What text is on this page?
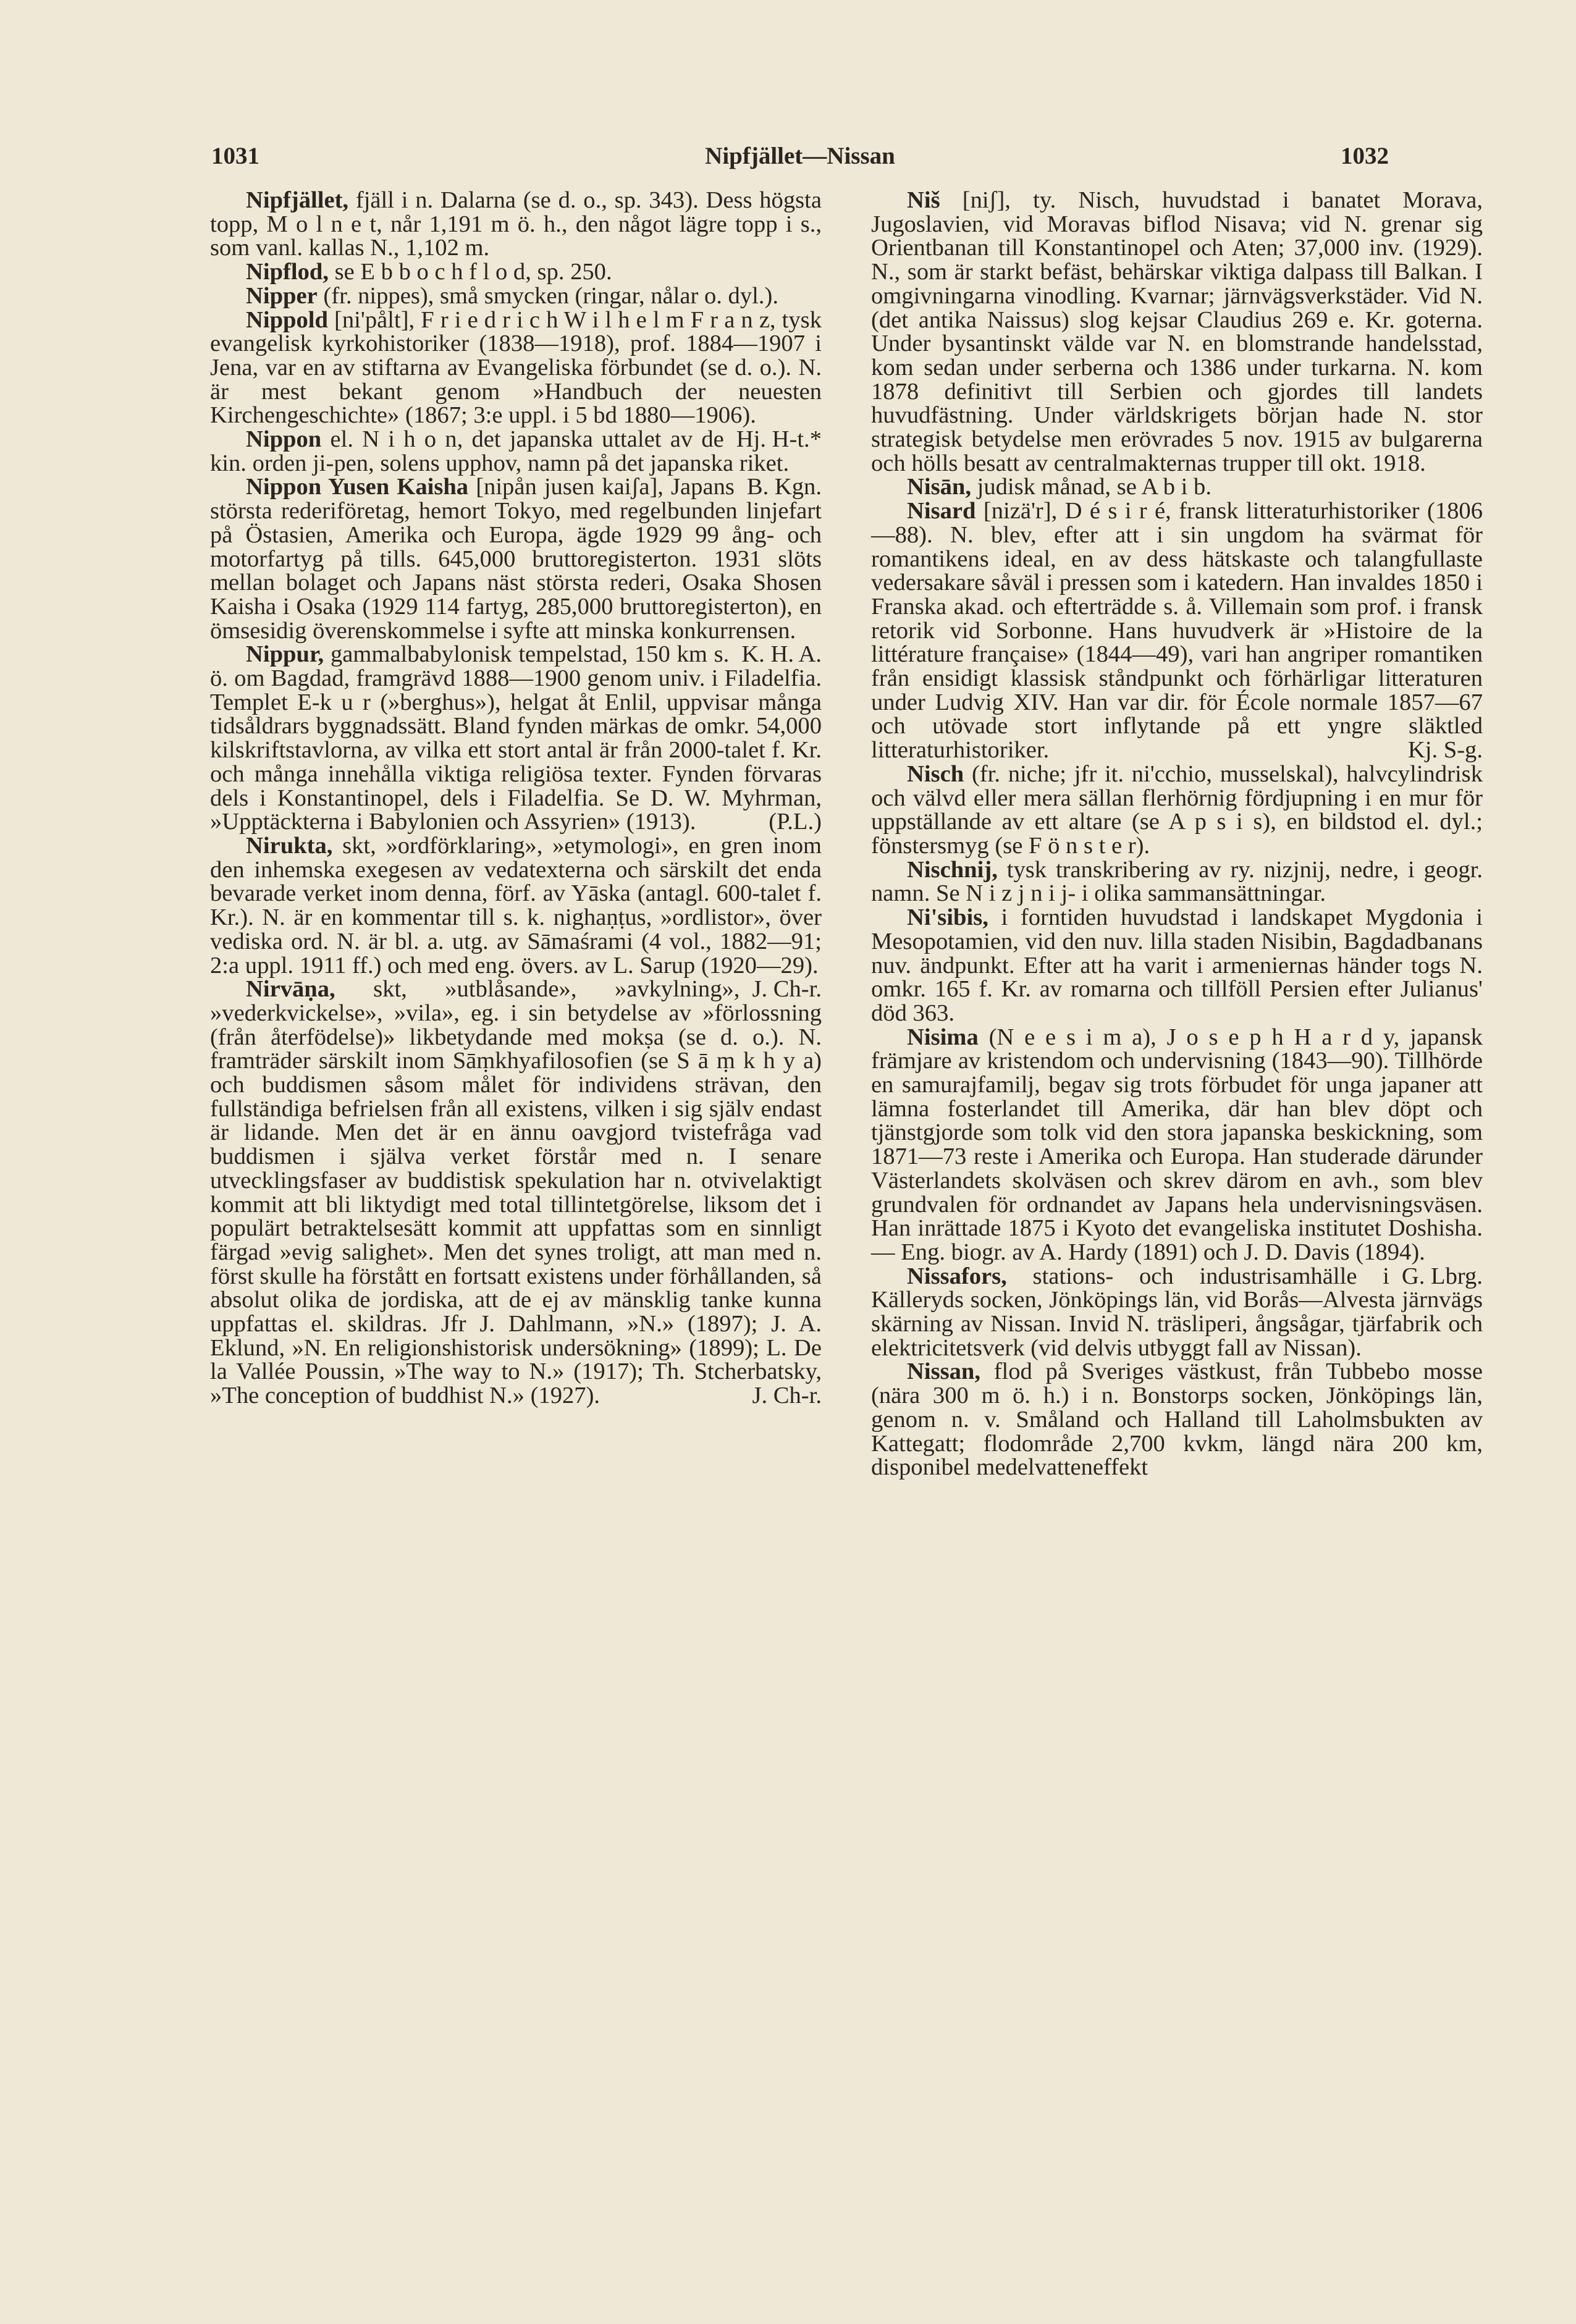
1031	Nipfjället—Nissan	1032

Nipfjället, fjäll i n. Dalarna (se d. o., sp. 343). Dess högsta topp, M o l n e t, når 1,191 m ö. h., den något lägre topp i s., som vanl. kallas N., 1,102 m.

Nipflod, se E b b o c h f l o d, sp. 250.

Nipper (fr. nippes), små smycken (ringar, nålar o. dyl.).

Nippold [ni'pålt], F r i e d r i c h W i l h e l m F r a n z, tysk evangelisk kyrkohistoriker (1838—1918), prof. 1884—1907 i Jena, var en av stiftarna av Evangeliska förbundet (se d. o.). N. är mest bekant genom »Handbuch der neuesten Kirchengeschichte» (1867; 3:e uppl. i 5 bd 1880—1906).
Hj. H-t.*

Nippon el. N i h o n, det japanska uttalet av de kin. orden ji-pen, solens upphov, namn på det japanska riket.
B. Kgn.

Nippon Yusen Kaisha [nipån jusen kaiʃa], Japans största rederiföretag, hemort Tokyo, med regelbunden linjefart på Östasien, Amerika och Europa, ägde 1929 99 ång- och motorfartyg på tills. 645,000 bruttoregisterton. 1931 slöts mellan bolaget och Japans näst största rederi, Osaka Shosen Kaisha i Osaka (1929 114 fartyg, 285,000 bruttoregisterton), en ömsesidig överenskommelse i syfte att minska konkurrensen.
K. H. A.

Nippur, gammalbabylonisk tempelstad, 150 km s. ö. om Bagdad, framgrävd 1888—1900 genom univ. i Filadelfia. Templet E-k u r (»berghus»), helgat åt Enlil, uppvisar många tidsåldrars byggnadssätt. Bland fynden märkas de omkr. 54,000 kilskriftstavlorna, av vilka ett stort antal är från 2000-talet f. Kr. och många innehålla viktiga religiösa texter. Fynden förvaras dels i Konstantinopel, dels i Filadelfia. Se D. W. Myhrman, »Upptäckterna i Babylonien och Assyrien» (1913).	(P.L.)

Nirukta, skt, »ordförklaring», »etymologi», en gren inom den inhemska exegesen av vedatexterna och särskilt det enda bevarade verket inom denna, förf. av Yāska (antagl. 600-talet f. Kr.). N. är en kommentar till s. k. nighaṇṭus, »ordlistor», över vediska ord. N. är bl. a. utg. av Sāmaśrami (4 vol., 1882—91; 2:a uppl. 1911 ff.) och med eng. övers. av L. Sarup (1920—29).
J. Ch-r.

Nirvāṇa, skt, »utblåsande», »avkylning», »vederkvickelse», »vila», eg. i sin betydelse av »förlossning (från återfödelse)» likbetydande med mokṣa (se d. o.). N. framträder särskilt inom Sāṃkhyafilosofien (se S ā ṃ k h y a) och buddismen såsom målet för individens strävan, den fullständiga befrielsen från all existens, vilken i sig själv endast är lidande. Men det är en ännu oavgjord tvistefråga vad buddismen i själva verket förstår med n. I senare utvecklingsfaser av buddistisk spekulation har n. otvivelaktigt kommit att bli liktydigt med total tillintetgörelse, liksom det i populärt betraktelsesätt kommit att uppfattas som en sinnligt färgad »evig salighet». Men det synes troligt, att man med n. först skulle ha förstått en fortsatt existens under förhållanden, så absolut olika de jordiska, att de ej av mänsklig tanke kunna uppfattas el. skildras. Jfr J. Dahlmann, »N.» (1897); J. A. Eklund, »N. En religionshistorisk undersökning» (1899); L. De la Vallée Poussin, »The way to N.» (1917); Th. Stcherbatsky, »The conception of buddhist N.» (1927).	J. Ch-r.

Niš [niʃ], ty. Nisch, huvudstad i banatet Morava, Jugoslavien, vid Moravas biflod Nisava; vid N. grenar sig Orientbanan till Konstantinopel och Aten; 37,000 inv. (1929). N., som är starkt befäst, behärskar viktiga dalpass till Balkan. I omgivningarna vinodling. Kvarnar; järnvägsverkstäder. Vid N. (det antika Naissus) slog kejsar Claudius 269 e. Kr. goterna. Under bysantinskt välde var N. en blomstrande handelsstad, kom sedan under serberna och 1386 under turkarna. N. kom 1878 definitivt till Serbien och gjordes till landets huvudfästning. Under världskrigets början hade N. stor strategisk betydelse men erövrades 5 nov. 1915 av bulgarerna och hölls besatt av centralmakternas trupper till okt. 1918.

Nisān, judisk månad, se A b i b.

Nisard [nizä'r], D é s i r é, fransk litteraturhistoriker (1806—88). N. blev, efter att i sin ungdom ha svärmat för romantikens ideal, en av dess hätskaste och talangfullaste vedersakare såväl i pressen som i katedern. Han invaldes 1850 i Franska akad. och efterträdde s. å. Villemain som prof. i fransk retorik vid Sorbonne. Hans huvudverk är »Histoire de la littérature française» (1844—49), vari han angriper romantiken från ensidigt klassisk ståndpunkt och förhärligar litteraturen under Ludvig XIV. Han var dir. för École normale 1857—67 och utövade stort inflytande på ett yngre släktled litteraturhistoriker.	Kj. S-g.

Nisch (fr. niche; jfr it. ni'cchio, musselskal), halvcylindrisk och välvd eller mera sällan flerhörnig fördjupning i en mur för uppställande av ett altare (se A p s i s), en bildstod el. dyl.; fönstersmyg (se F ö n s t e r).

Nischnij, tysk transkribering av ry. nizjnij, nedre, i geogr. namn. Se N i z j n i j- i olika sammansättningar.

Ni'sibis, i forntiden huvudstad i landskapet Mygdonia i Mesopotamien, vid den nuv. lilla staden Nisibin, Bagdadbanans nuv. ändpunkt. Efter att ha varit i armeniernas händer togs N. omkr. 165 f. Kr. av romarna och tillföll Persien efter Julianus' död 363.

Nisima (N e e s i m a), J o s e p h H a r d y, japansk främjare av kristendom och undervisning (1843—90). Tillhörde en samurajfamilj, begav sig trots förbudet för unga japaner att lämna fosterlandet till Amerika, där han blev döpt och tjänstgjorde som tolk vid den stora japanska beskickning, som 1871—73 reste i Amerika och Europa. Han studerade därunder Västerlandets skolväsen och skrev därom en avh., som blev grundvalen för ordnandet av Japans hela undervisningsväsen. Han inrättade 1875 i Kyoto det evangeliska institutet Doshisha. — Eng. biogr. av A. Hardy (1891) och J. D. Davis (1894).
G. Lbrg.

Nissafors, stations- och industrisamhälle i Källeryds socken, Jönköpings län, vid Borås—Alvesta järnvägs skärning av Nissan. Invid N. träsliperi, ångsågar, tjärfabrik och elektricitetsverk (vid delvis utbyggt fall av Nissan).

Nissan, flod på Sveriges västkust, från Tubbebo mosse (nära 300 m ö. h.) i n. Bonstorps socken, Jönköpings län, genom n. v. Småland och Halland till Laholmsbukten av Kattegatt; flodområde 2,700 kvkm, längd nära 200 km, disponibel medelvatteneffekt
